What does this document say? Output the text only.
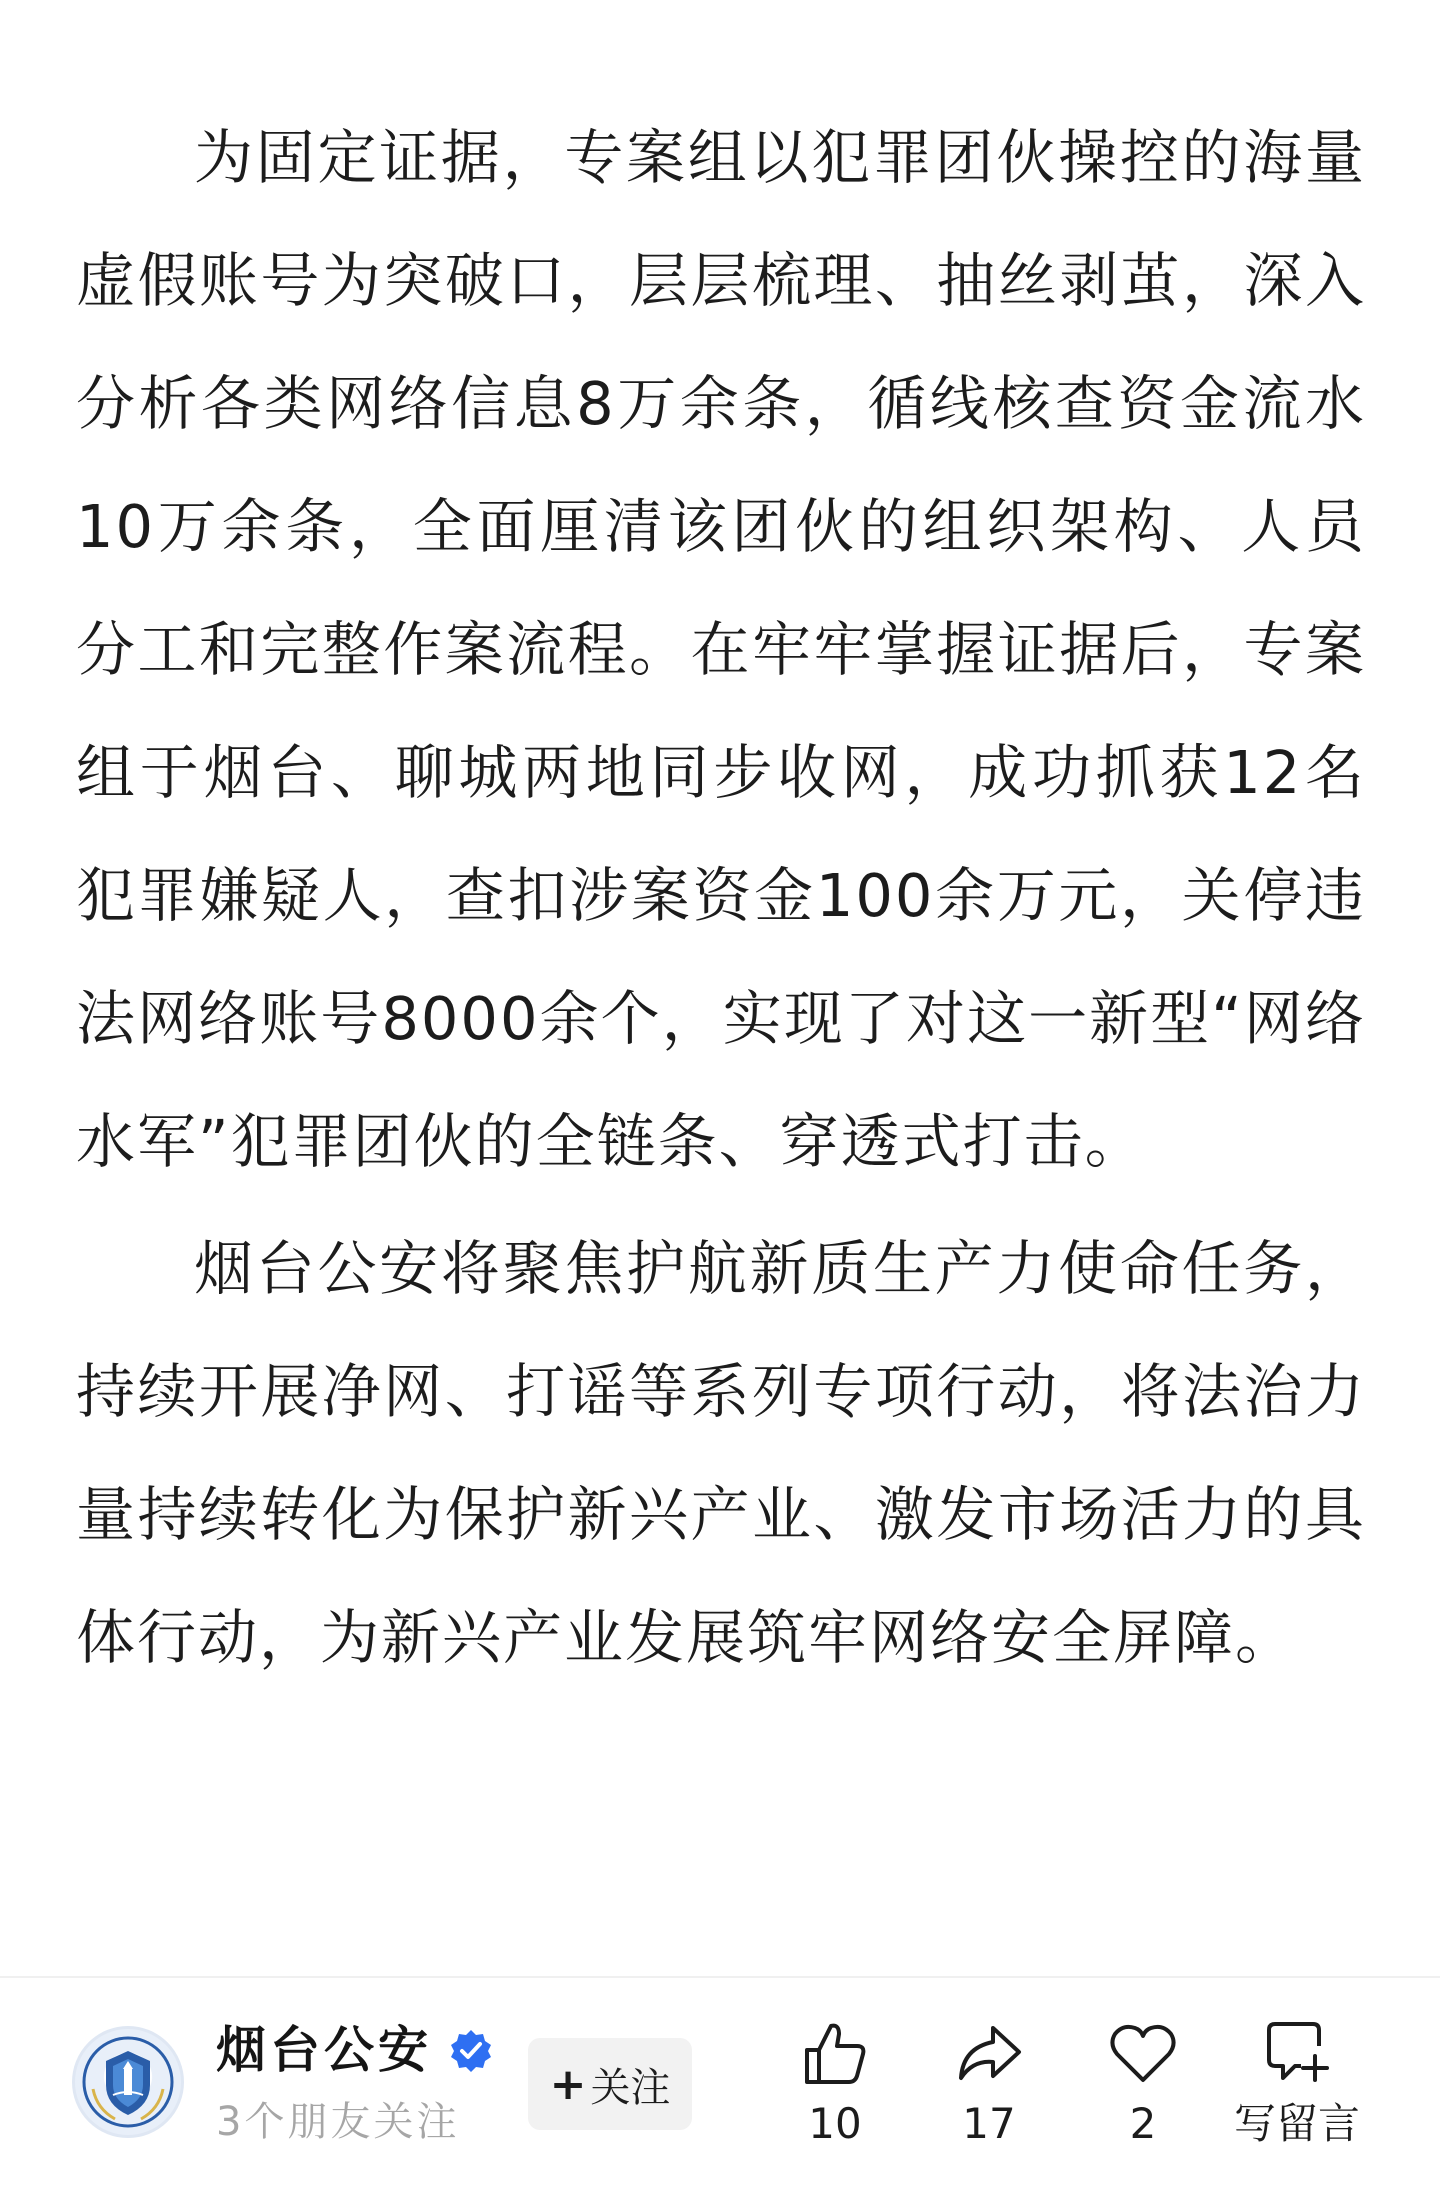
为固定证据，专案组以犯罪团伙操控的海量虚假账号为突破口，层层梳理、抽丝剥茧，深入分析各类网络信息8万余条，循线核查资金流水10万余条，全面厘清该团伙的组织架构、人员分工和完整作案流程。在牢牢掌握证据后，专案组于烟台、聊城两地同步收网，成功抓获12名犯罪嫌疑人，查扣涉案资金100余万元，关停违法网络账号8000余个，实现了对这一新型“网络水军”犯罪团伙的全链条、穿透式打击。

烟台公安将聚焦护航新质生产力使命任务，持续开展净网、打谣等系列专项行动，将法治力量持续转化为保护新兴产业、激发市场活力的具体行动，为新兴产业发展筑牢网络安全屏障。

烟台公安
3个朋友关注
+ 关注
10	17	2	写留言
